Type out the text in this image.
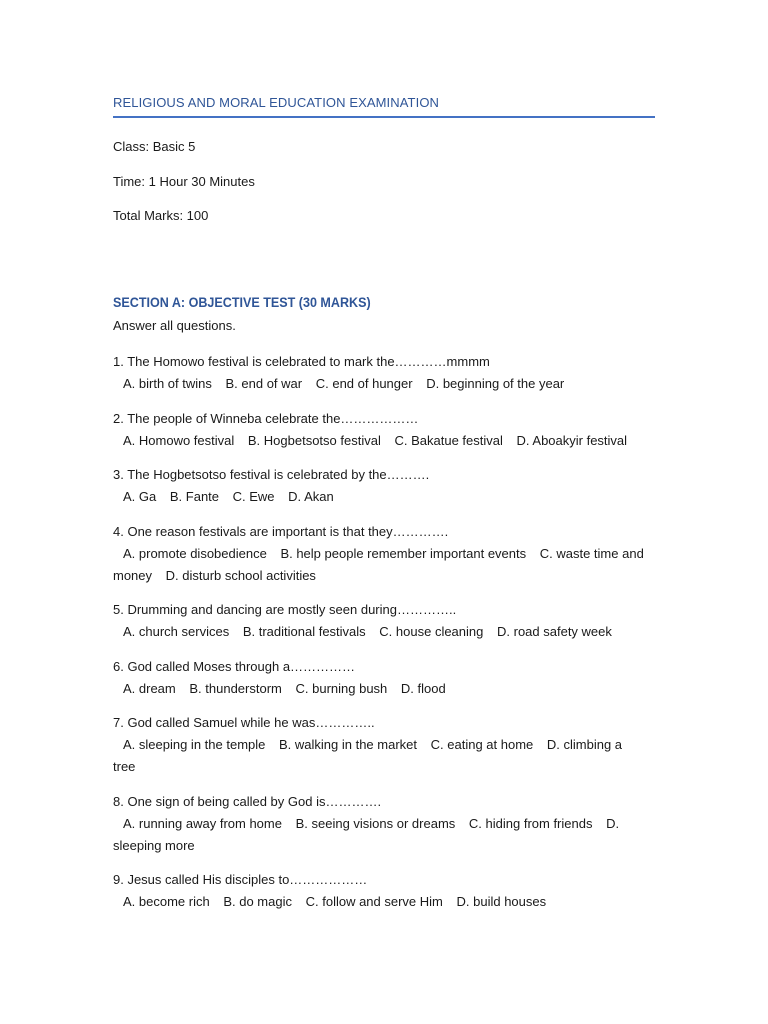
RELIGIOUS AND MORAL EDUCATION EXAMINATION
Class: Basic 5
Time: 1 Hour 30 Minutes
Total Marks: 100
SECTION A: OBJECTIVE TEST (30 MARKS)
Answer all questions.
1. The Homowo festival is celebrated to mark the…………mmmm
A. birth of twins B. end of war C. end of hunger D. beginning of the year
2. The people of Winneba celebrate the………………
A. Homowo festival B. Hogbetsotso festival C. Bakatue festival D. Aboakyir festival
3. The Hogbetsotso festival is celebrated by the……….
A. Ga B. Fante C. Ewe D. Akan
4. One reason festivals are important is that they………….
A. promote disobedience B. help people remember important events C. waste time and money D. disturb school activities
5. Drumming and dancing are mostly seen during…………..
A. church services B. traditional festivals C. house cleaning D. road safety week
6. God called Moses through a……………
A. dream B. thunderstorm C. burning bush D. flood
7. God called Samuel while he was…………..
A. sleeping in the temple B. walking in the market C. eating at home D. climbing a tree
8. One sign of being called by God is………….
A. running away from home B. seeing visions or dreams C. hiding from friends D. sleeping more
9. Jesus called His disciples to………………
A. become rich B. do magic C. follow and serve Him D. build houses
